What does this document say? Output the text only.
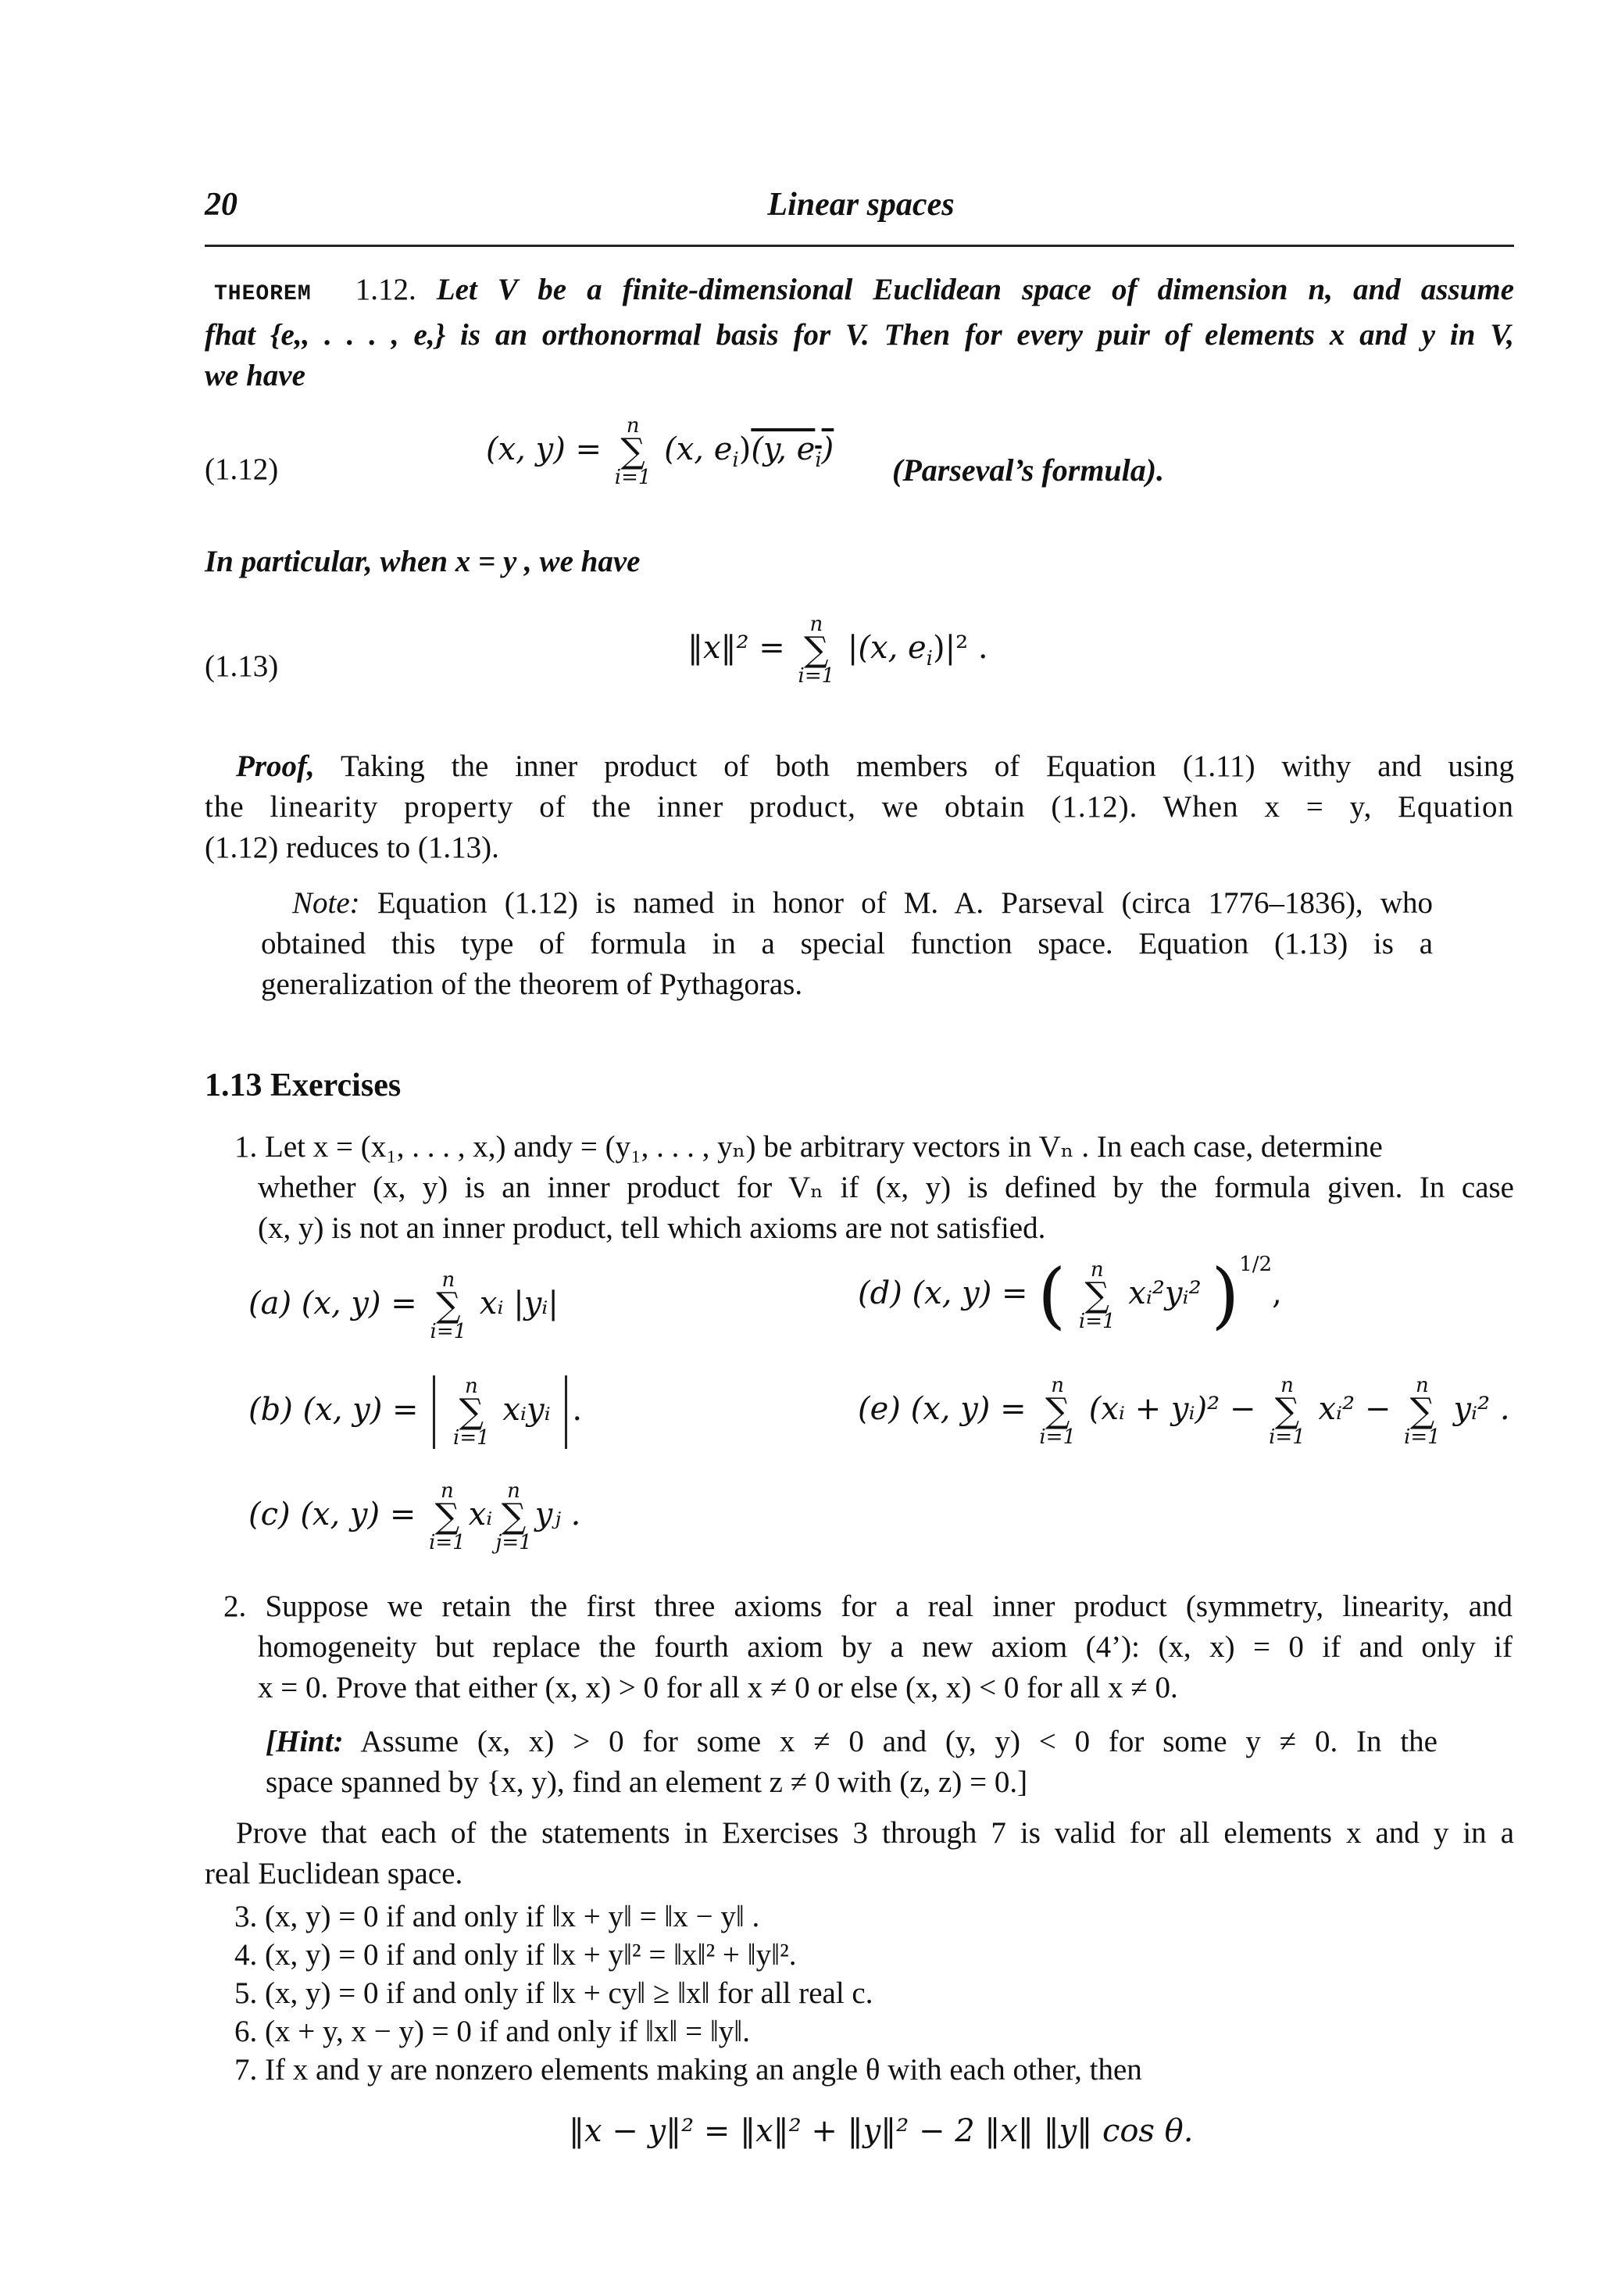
20	Linear spaces
THEOREM 1.12. Let V be a finite-dimensional Euclidean space of dimension n, and assume
fhat {e,, . . . , e,} is an orthonormal basis for V. Then for every puir of elements x and y in V,
we have
(1.12)
(x, y) =
n
∑
i=1
(x, $e_i)(y$, $e_i$)
(Parseval’s formula).
In particular, when x = y , we have
(1.13)
‖x‖² =
n
∑
i=1
|(x, $e_i)|^2$ .
Proof, Taking the inner product of both members of Equation (1.11) withy and using
the linearity property of the inner product, we obtain (1.12). When x = y, Equation
(1.12) reduces to (1.13).
Note: Equation (1.12) is named in honor of M. A. Parseval (circa 1776–1836), who
obtained this type of formula in a special function space. Equation (1.13) is a
generalization of the theorem of Pythagoras.
1.13 Exercises
1. Let x = (x₁, . . . , x,) andy = (y₁, . . . , yₙ) be arbitrary vectors in Vₙ . In each case, determine
whether (x, y) is an inner product for Vₙ if (x, y) is defined by the formula given. In case
(x, y) is not an inner product, tell which axioms are not satisfied.
(a) (x, y) =
n
∑
i=1
xᵢ |yᵢ|
(b) (x, y) =
n
∑
i=1
xᵢyᵢ .
(c) (x, y) =
n
∑
i=1
xᵢ
n
∑
j=1
yⱼ .
(d) (x, y) = (	n
∑
i=1
xᵢ²yᵢ² )$^{1/2}$,
(e) (x, y) =
n
∑
i=1
(xᵢ + yᵢ)² −
n
∑
i=1
xᵢ² −
n
∑
i=1
yᵢ² .
2. Suppose we retain the first three axioms for a real inner product (symmetry, linearity, and
homogeneity but replace the fourth axiom by a new axiom (4’): (x, x) = 0 if and only if
x = 0. Prove that either (x, x) > 0 for all x ≠ 0 or else (x, x) < 0 for all x ≠ 0.
[Hint: Assume (x, x) > 0 for some x ≠ 0 and (y, y) < 0 for some y ≠ 0. In the
space spanned by {x, y), find an element z ≠ 0 with (z, z) = 0.]
Prove that each of the statements in Exercises 3 through 7 is valid for all elements x and y in a
real Euclidean space.
3. (x, y) = 0 if and only if ‖x + y‖ = ‖x − y‖ .
4. (x, y) = 0 if and only if ‖x + y‖² = ‖x‖² + ‖y‖².
5. (x, y) = 0 if and only if ‖x + cy‖ ≥ ‖x‖ for all real c.
6. (x + y, x − y) = 0 if and only if ‖x‖ = ‖y‖.
7. If x and y are nonzero elements making an angle θ with each other, then
‖x − y‖² = ‖x‖² + ‖y‖² − 2 ‖x‖ ‖y‖ cos θ.
